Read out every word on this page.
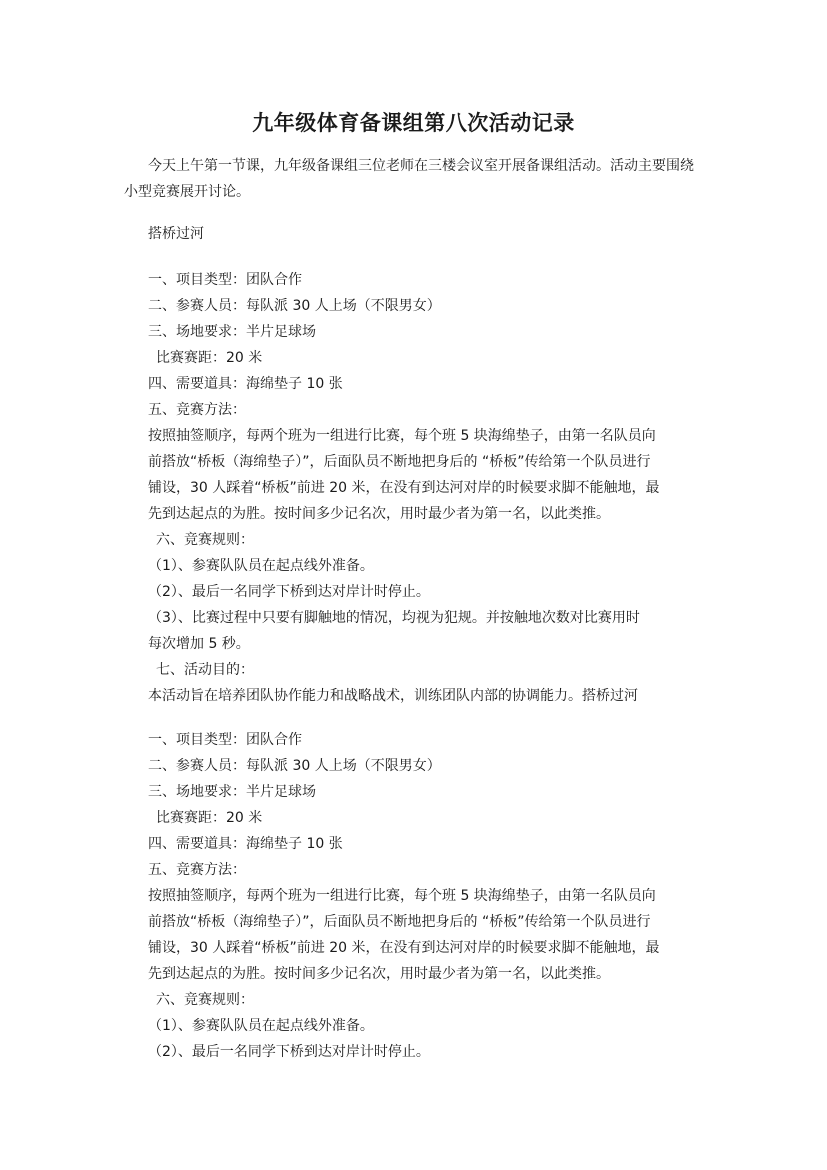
九年级体育备课组第八次活动记录
今天上午第一节课，九年级备课组三位老师在三楼会议室开展备课组活动。活动主要围绕小型竞赛展开讨论。
搭桥过河
一、项目类型：团队合作
二、参赛人员：每队派 30 人上场（不限男女）
三、场地要求：半片足球场
比赛赛距：20 米
四、需要道具：海绵垫子 10 张
五、竞赛方法：
按照抽签顺序，每两个班为一组进行比赛，每个班 5 块海绵垫子，由第一名队员向
前搭放“桥板（海绵垫子）”，后面队员不断地把身后的 “桥板”传给第一个队员进行
铺设，30 人踩着“桥板”前进 20 米，在没有到达河对岸的时候要求脚不能触地，最
先到达起点的为胜。按时间多少记名次，用时最少者为第一名，以此类推。
六、竞赛规则：
（1）、参赛队队员在起点线外准备。
（2）、最后一名同学下桥到达对岸计时停止。
（3）、比赛过程中只要有脚触地的情况，均视为犯规。并按触地次数对比赛用时
每次增加 5 秒。
七、活动目的：
本活动旨在培养团队协作能力和战略战术，训练团队内部的协调能力。搭桥过河
一、项目类型：团队合作
二、参赛人员：每队派 30 人上场（不限男女）
三、场地要求：半片足球场
比赛赛距：20 米
四、需要道具：海绵垫子 10 张
五、竞赛方法：
按照抽签顺序，每两个班为一组进行比赛，每个班 5 块海绵垫子，由第一名队员向
前搭放“桥板（海绵垫子）”，后面队员不断地把身后的 “桥板”传给第一个队员进行
铺设，30 人踩着“桥板”前进 20 米，在没有到达河对岸的时候要求脚不能触地，最
先到达起点的为胜。按时间多少记名次，用时最少者为第一名，以此类推。
六、竞赛规则：
（1）、参赛队队员在起点线外准备。
（2）、最后一名同学下桥到达对岸计时停止。
